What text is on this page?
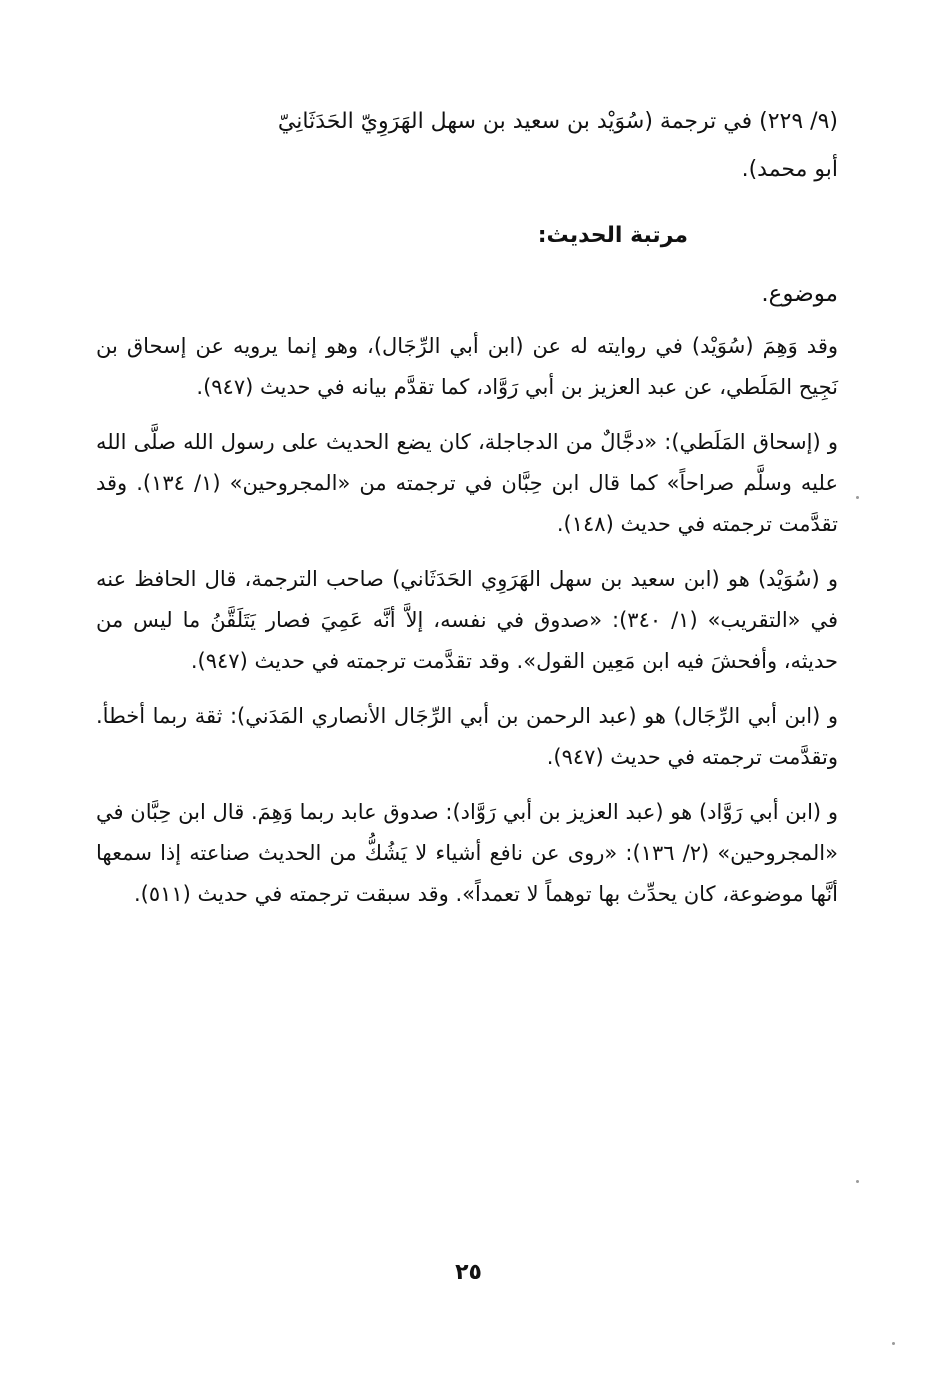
(٩/ ٢٢٩) في ترجمة (سُوَيْد بن سعيد بن سهل الهَرَوِيّ الحَدَثَانِيّ
أبو محمد).
مرتبة الحديث:
موضوع.

وقد وَهِمَ (سُوَيْد) في روايته له عن (ابن أبي الرِّجَال)، وهو إنما يرويه عن إسحاق بن نَجِيح المَلَطي، عن عبد العزيز بن أبي رَوَّاد، كما تقدَّم بيانه في حديث (٩٤٧).

و (إسحاق المَلَطي): «دجَّالٌ من الدجاجلة، كان يضع الحديث على رسول الله صلَّى الله عليه وسلَّم صراحاً» كما قال ابن حِبَّان في ترجمته من «المجروحين» (١/ ١٣٤). وقد تقدَّمت ترجمته في حديث (١٤٨).

و (سُوَيْد) هو (ابن سعيد بن سهل الهَرَوِي الحَدَثَاني) صاحب الترجمة، قال الحافظ عنه في «التقريب» (١/ ٣٤٠): «صدوق في نفسه، إلاَّ أنَّه عَمِيَ فصار يَتَلَقَّنُ ما ليس من حديثه، وأفحشَ فيه ابن مَعِين القول». وقد تقدَّمت ترجمته في حديث (٩٤٧).

و (ابن أبي الرِّجَال) هو (عبد الرحمن بن أبي الرِّجَال الأنصاري المَدَني): ثقة ربما أخطأ. وتقدَّمت ترجمته في حديث (٩٤٧).

و (ابن أبي رَوَّاد) هو (عبد العزيز بن أبي رَوَّاد): صدوق عابد ربما وَهِمَ. قال ابن حِبَّان في «المجروحين» (٢/ ١٣٦): «روى عن نافع أشياء لا يَشُكُّ من الحديث صناعته إذا سمعها أنَّها موضوعة، كان يحدِّث بها توهماً لا تعمداً». وقد سبقت ترجمته في حديث (٥١١).

٢٥
